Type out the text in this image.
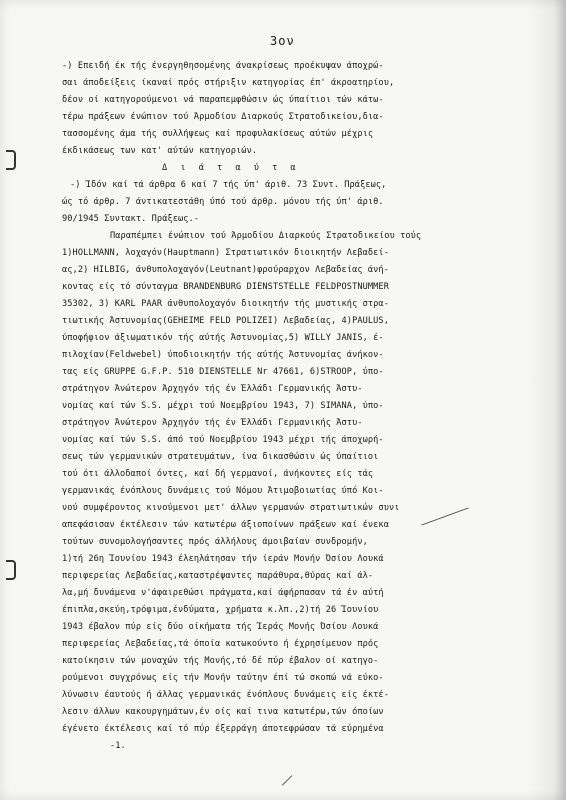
3ον
-) Επειδή έκ τής ένεργηθησομένης άνακρίσεως προέκυψαν άποχρώ-
σαι άποδείξεις ίκαναί πρός στήριξιν κατηγορίας έπ' άκροατηρίου,
δέον οί κατηγορούμενοι νά παραπεμφθώσιν ώς ύπαίτιοι τών κάτω-
τέρω πράξεων ένώπιον τού Άρμοδίου Διαρκούς Στρατοδικείου,δια-
τασσομένης άμα τής συλλήψεως καί προφυλακίσεως αύτών μέχρις
έκδικάσεως των κατ' αύτών κατηγοριών.
Δ ι ά τ α ύ τ α
-) Ίδόν καί τά άρθρα 6 καί 7 τής ύπ' άριθ. 73 Συντ. Πράξεως,
ώς τό άρθρ. 7 άντικατεστάθη ύπό τού άρθρ. μόνου τής ύπ' άριθ.
90/1945 Συντακτ. Πράξεως.-
Παραπέμπει ένώπιον τού Άρμοδίου Διαρκούς Στρατοδικείου τούς
1)HOLLMANN, λοχαγόν(Hauptmann) Στρατιωτικόν διοικητήν Λεβαδεί-
ας,2) HILBIG, άνθυπολοχαγόν(Leutnant)φρούραρχον Λεβαδείας άνή-
κοντας είς τό σύνταγμα BRANDENBURG DIENSTSTELLE FELDPOSTNUMMER
35302, 3) KARL PAAR άνθυπολοχαγόν διοικητήν τής μυστικής στρα-
τιωτικής Άστυνομίας(GEHEIME FELD POLIZEI) Λεβαδείας, 4)PAULUS,
ύποφήφιον άξιωματικόν τής αύτής Άστυνομίας,5) WILLY JANIS, έ-
πιλοχίαν(Feldwebel) ύποδιοικητήν τής αύτής Άστυνομίας άνήκον-
τας είς GRUPPE G.F.P. 510 DIENSTELLE Nr 47661, 6)STROOP, ύπο-
στράτηγον Άνώτερον Άρχηγόν τής έν Έλλάδι Γερμανικής Άστυ-
νομίας καί τών S.S. μέχρι τού Νοεμβρίου 1943, 7) SIMANA, ύπο-
στράτηγον Άνώτερον Άρχηγόν τής έν Έλλάδι Γερμανικής Άστυ-
νομίας καί τών S.S. άπό τού Νοεμβρίου 1943 μέχρι τής άποχωρή-
σεως τών γερμανικών στρατευμάτων, ίνα δικασθώσιν ώς ύπαίτιοι
τού ότι άλλοδαποί όντες, καί δή γερμανοί, άνήκοντες είς τάς
γερμανικάς ένόπλους δυνάμεις τού Νόμου Άτιμοβοιωτίας ύπό Κοι-
νού συμφέροντος κινούμενοι μετ' άλλων γερμανών στρατιωτικών συνι
απεφάσισαν έκτέλεσιν τών κατωτέρω άξιοποίνων πράξεων καί ένεκα
τούτων συνομολογήσαντες πρός άλλήλους άμοιβαίαν συνδρομήν,
1)τή 26η Ίουνίου 1943 έλεηλάτησαν τήν ίεράν Μονήν Όσίου Λουκά
περιφερείας Λεβαδείας,καταστρέψαντες παράθυρα,θύρας καί άλ-
λα,μή δυνάμενα ν'άφαιρεθώσι πράγματα,καί άφήρπασαν τά έν αύτή
έπιπλα,σκεύη,τρόφιμα,ένδύματα, χρήματα κ.λπ.,2)τή 26 Ίουνίου
1943 έβαλον πύρ είς δύο οίκήματα τής Ίεράς Μονής Όσίου Λουκά
περιφερείας Λεβαδείας,τά όποία κατωκούντο ή έχρησίμευον πρός
κατοίκησιν τών μοναχών τής Μονής,τό δέ πύρ έβαλον οί κατηγο-
ρούμενοι συγχρόνως είς τήν Μονήν ταύτην έπί τώ σκοπώ νά εύκο-
λύνωσιν έαυτούς ή άλλας γερμανικάς ένόπλους δυνάμεις είς έκτέ-
λεσιν άλλων κακουργημάτων,έν οίς καί τινα κατωτέρω,τών όποίων
έγένετο έκτέλεσις καί τό πύρ έξερράγη άποτεφρώσαν τά εύρημένα
-1.
